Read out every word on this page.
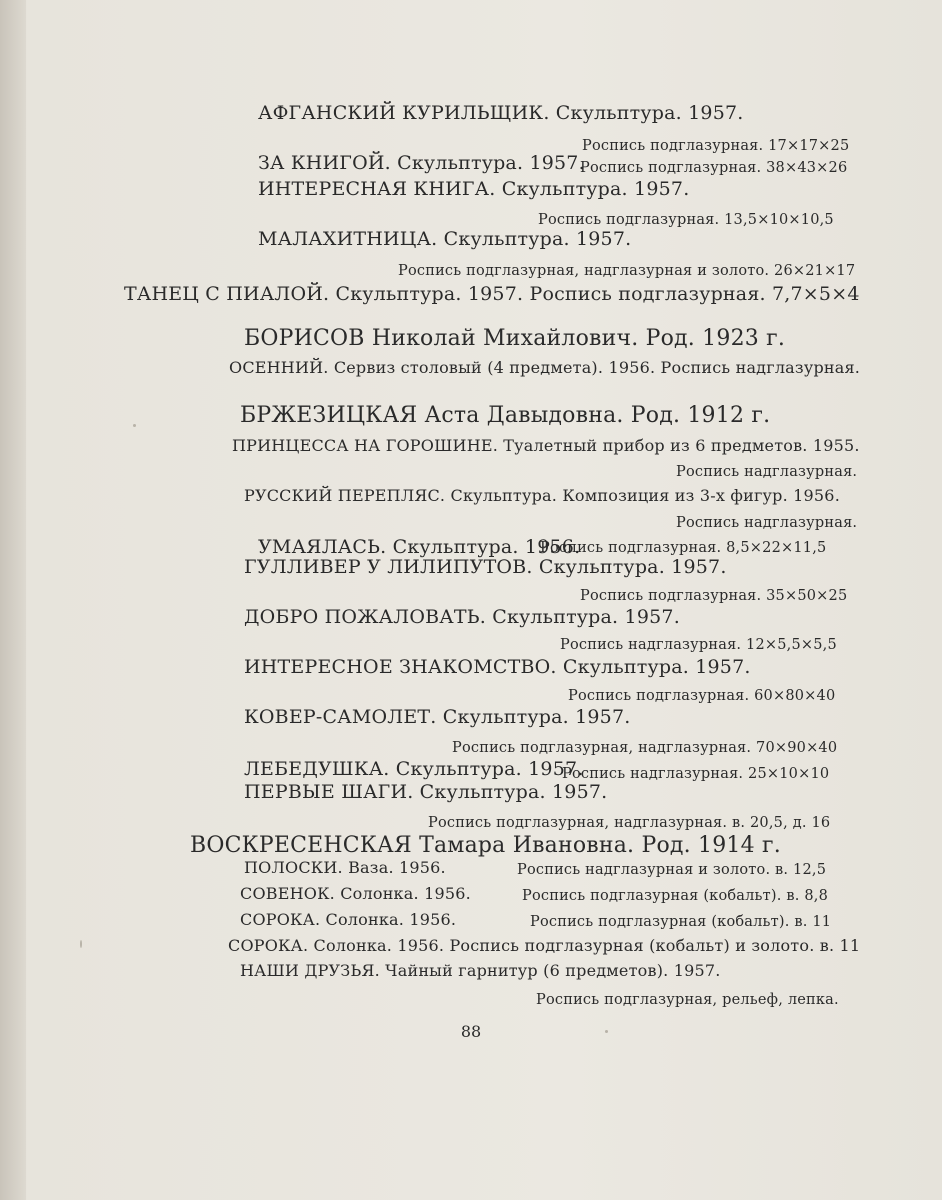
АФГАНСКИЙ КУРИЛЬЩИК. Скульптура. 1957.
Роспись подглазурная. 17×17×25
ЗА КНИГОЙ. Скульптура. 1957.
Роспись подглазурная. 38×43×26
ИНТЕРЕСНАЯ КНИГА. Скульптура. 1957.
Роспись подглазурная. 13,5×10×10,5
МАЛАХИТНИЦА. Скульптура. 1957.
Роспись подглазурная, надглазурная и золото. 26×21×17
ТАНЕЦ С ПИАЛОЙ. Скульптура. 1957. Роспись подглазурная. 7,7×5×4
БОРИСОВ Николай Михайлович. Род. 1923 г.
ОСЕННИЙ. Сервиз столовый (4 предмета). 1956. Роспись надглазурная.
БРЖЕЗИЦКАЯ Аста Давыдовна. Род. 1912 г.
ПРИНЦЕССА НА ГОРОШИНЕ. Туалетный прибор из 6 предметов. 1955.
Роспись надглазурная.
РУССКИЙ ПЕРЕПЛЯС. Скульптура. Композиция из 3-х фигур. 1956.
Роспись надглазурная.
УМАЯЛАСЬ. Скульптура. 1956.
Роспись подглазурная. 8,5×22×11,5
ГУЛЛИВЕР У ЛИЛИПУТОВ. Скульптура. 1957.
Роспись подглазурная. 35×50×25
ДОБРО ПОЖАЛОВАТЬ. Скульптура. 1957.
Роспись надглазурная. 12×5,5×5,5
ИНТЕРЕСНОЕ ЗНАКОМСТВО. Скульптура. 1957.
Роспись подглазурная. 60×80×40
КОВЕР-САМОЛЕТ. Скульптура. 1957.
Роспись подглазурная, надглазурная. 70×90×40
ЛЕБЕДУШКА. Скульптура. 1957.
Роспись надглазурная. 25×10×10
ПЕРВЫЕ ШАГИ. Скульптура. 1957.
Роспись подглазурная, надглазурная. в. 20,5, д. 16
ВОСКРЕСЕНСКАЯ Тамара Ивановна. Род. 1914 г.
ПОЛОСКИ. Ваза. 1956.	Роспись надглазурная и золото. в. 12,5
СОВЕНОК. Солонка. 1956.	Роспись подглазурная (кобальт). в. 8,8
СОРОКА. Солонка. 1956.	Роспись подглазурная (кобальт). в. 11
СОРОКА. Солонка. 1956. Роспись подглазурная (кобальт) и золото. в. 11
НАШИ ДРУЗЬЯ. Чайный гарнитур (6 предметов). 1957.
Роспись подглазурная, рельеф, лепка.
88
